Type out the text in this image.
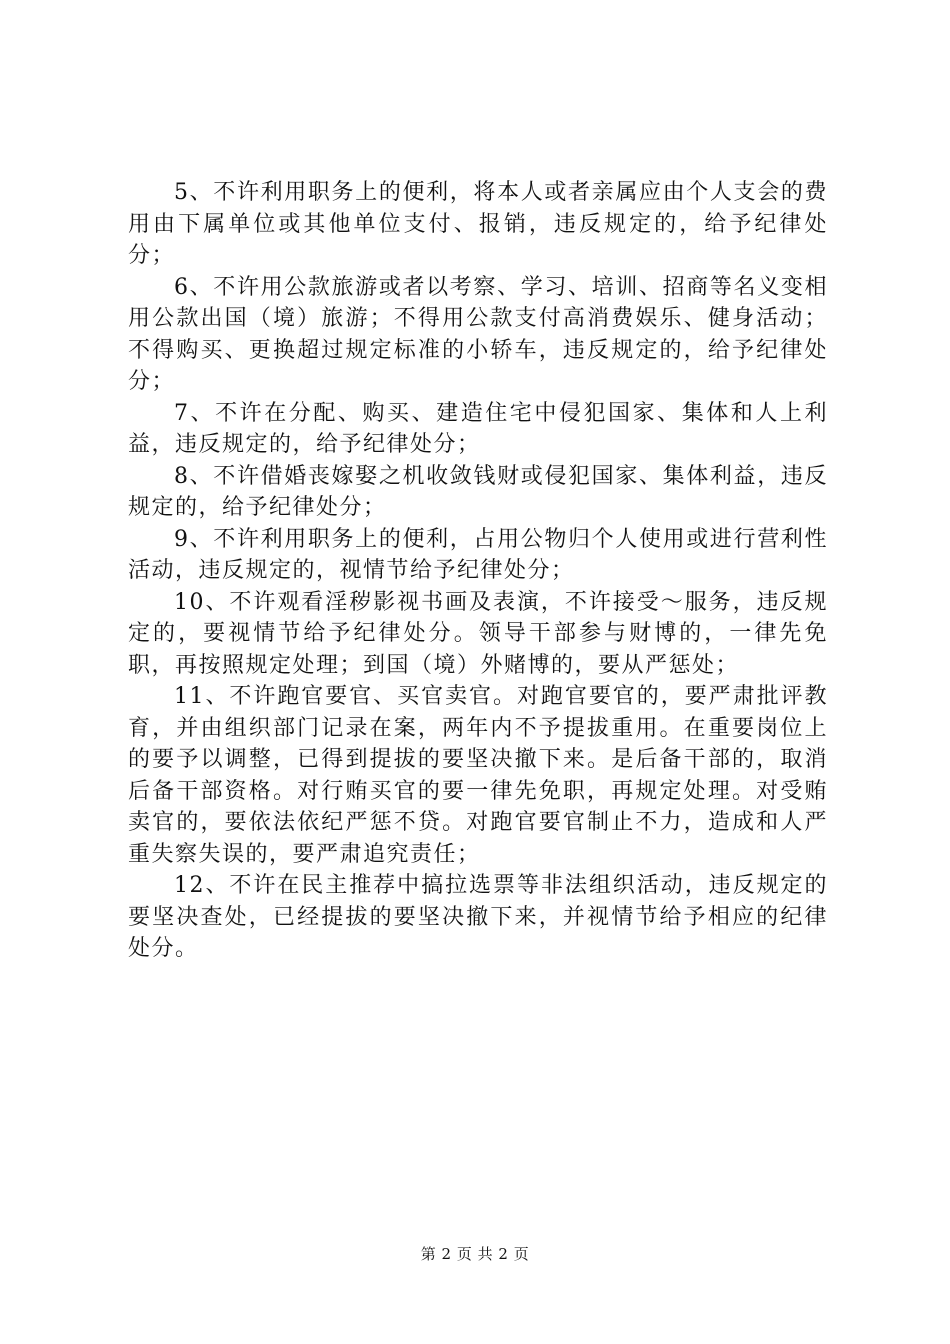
5、不许利用职务上的便利，将本人或者亲属应由个人支会的费用由下属单位或其他单位支付、报销，违反规定的，给予纪律处分；

6、不许用公款旅游或者以考察、学习、培训、招商等名义变相用公款出国（境）旅游；不得用公款支付高消费娱乐、健身活动；不得购买、更换超过规定标准的小轿车，违反规定的，给予纪律处分；

7、不许在分配、购买、建造住宅中侵犯国家、集体和人上利益，违反规定的，给予纪律处分；

8、不许借婚丧嫁娶之机收敛钱财或侵犯国家、集体利益，违反规定的，给予纪律处分；

9、不许利用职务上的便利，占用公物归个人使用或进行营利性活动，违反规定的，视情节给予纪律处分；

10、不许观看淫秽影视书画及表演，不许接受～服务，违反规定的，要视情节给予纪律处分。领导干部参与财博的，一律先免职，再按照规定处理；到国（境）外赌博的，要从严惩处；

11、不许跑官要官、买官卖官。对跑官要官的，要严肃批评教育，并由组织部门记录在案，两年内不予提拔重用。在重要岗位上的要予以调整，已得到提拔的要坚决撤下来。是后备干部的，取消后备干部资格。对行贿买官的要一律先免职，再规定处理。对受贿卖官的，要依法依纪严惩不贷。对跑官要官制止不力，造成和人严重失察失误的，要严肃追究责任；

12、不许在民主推荐中搞拉选票等非法组织活动，违反规定的要坚决查处，已经提拔的要坚决撤下来，并视情节给予相应的纪律处分。

第 2 页 共 2 页
